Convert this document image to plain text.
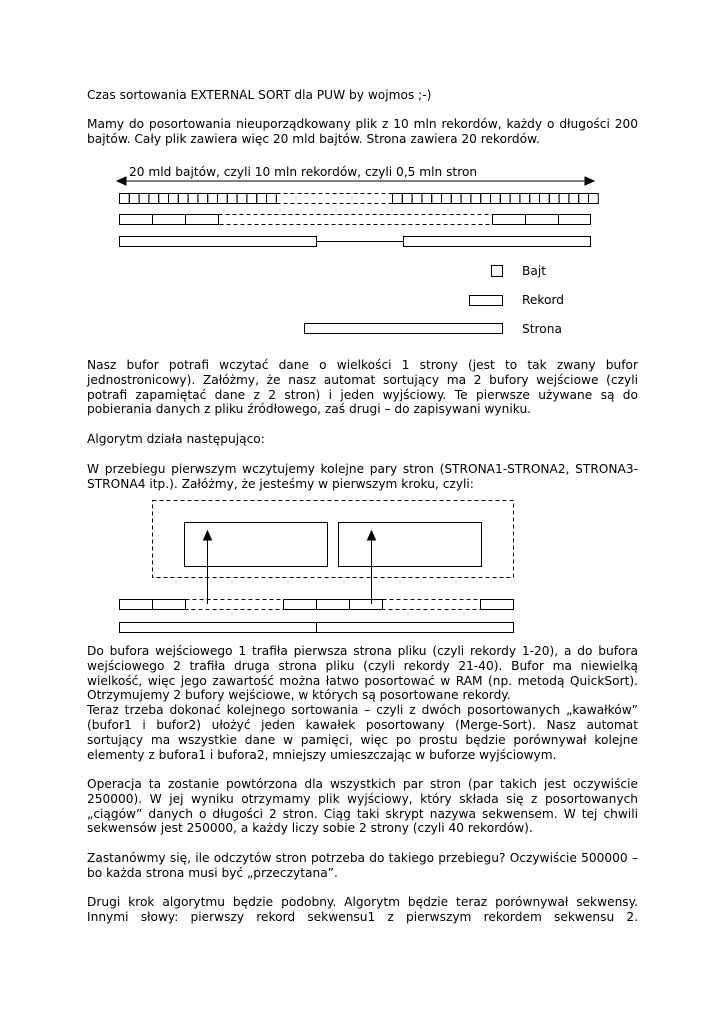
Czas sortowania EXTERNAL SORT dla PUW by wojmos ;-)

Mamy do posortowania nieuporządkowany plik z 10 mln rekordów, każdy o długości 200
bajtów. Cały plik zawiera więc 20 mld bajtów. Strona zawiera 20 rekordów.

20 mld bajtów, czyli 10 mln rekordów, czyli 0,5 mln stron
Bajt
Rekord
Strona

Nasz bufor potrafi wczytać dane o wielkości 1 strony (jest to tak zwany bufor
jednostronicowy). Załóżmy, że nasz automat sortujący ma 2 bufory wejściowe (czyli
potrafi zapamiętać dane z 2 stron) i jeden wyjściowy. Te pierwsze używane są do
pobierania danych z pliku źródłowego, zaś drugi – do zapisywani wyniku.

Algorytm działa następująco:

W przebiegu pierwszym wczytujemy kolejne pary stron (STRONA1-STRONA2, STRONA3-
STRONA4 itp.). Załóżmy, że jesteśmy w pierwszym kroku, czyli:

Do bufora wejściowego 1 trafiła pierwsza strona pliku (czyli rekordy 1-20), a do bufora
wejściowego 2 trafiła druga strona pliku (czyli rekordy 21-40). Bufor ma niewielką
wielkość, więc jego zawartość można łatwo posortować w RAM (np. metodą QuickSort).
Otrzymujemy 2 bufory wejściowe, w których są posortowane rekordy.
Teraz trzeba dokonać kolejnego sortowania – czyli z dwóch posortowanych „kawałków”
(bufor1 i bufor2) ułożyć jeden kawałek posortowany (Merge-Sort). Nasz automat
sortujący ma wszystkie dane w pamięci, więc po prostu będzie porównywał kolejne
elementy z bufora1 i bufora2, mniejszy umieszczając w buforze wyjściowym.

Operacja ta zostanie powtórzona dla wszystkich par stron (par takich jest oczywiście
250000). W jej wyniku otrzymamy plik wyjściowy, który składa się z posortowanych
„ciągów” danych o długości 2 stron. Ciąg taki skrypt nazywa sekwensem. W tej chwili
sekwensów jest 250000, a każdy liczy sobie 2 strony (czyli 40 rekordów).

Zastanówmy się, ile odczytów stron potrzeba do takiego przebiegu? Oczywiście 500000 –
bo każda strona musi być „przeczytana”.

Drugi krok algorytmu będzie podobny. Algorytm będzie teraz porównywał sekwensy.
Innymi słowy: pierwszy rekord sekwensu1 z pierwszym rekordem sekwensu 2.
